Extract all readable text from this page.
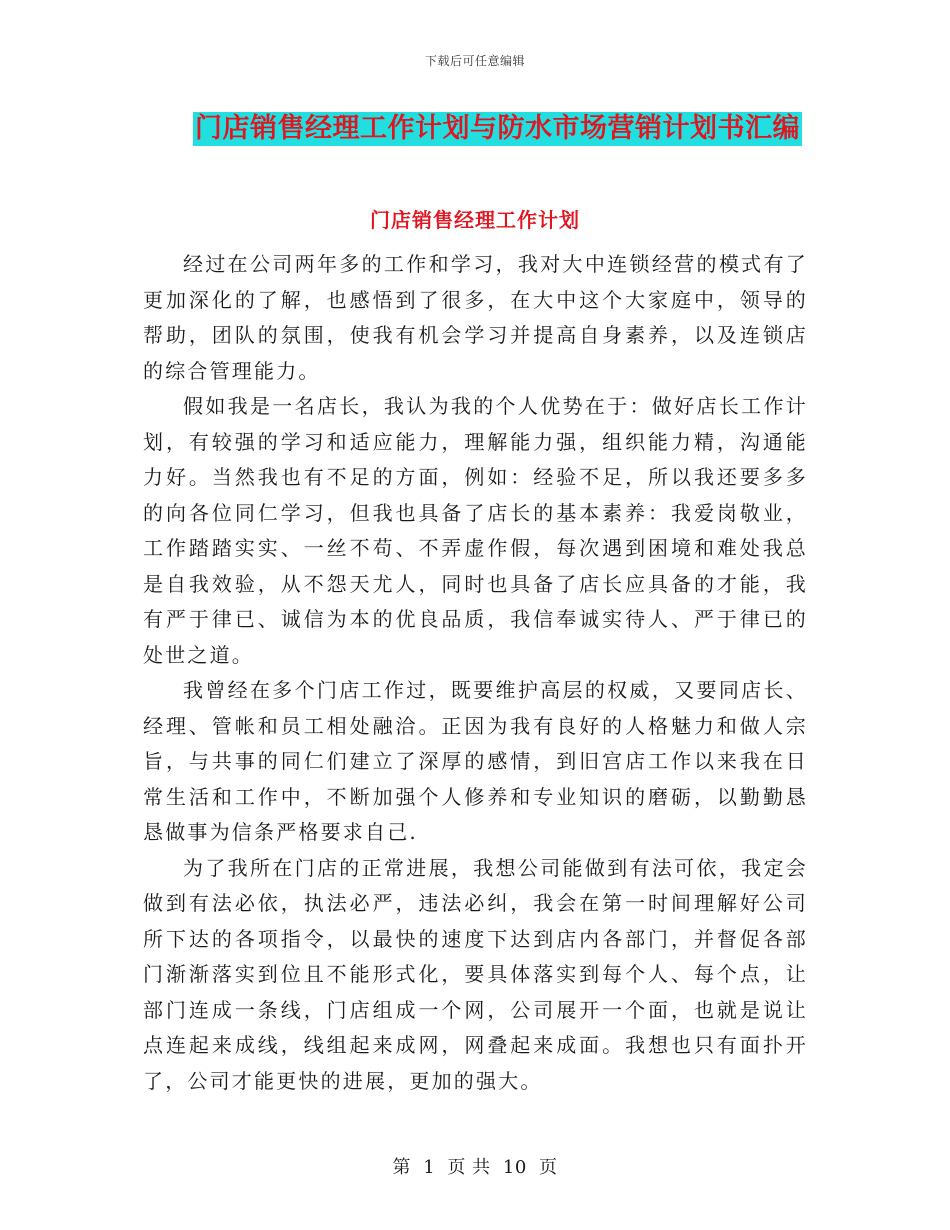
下载后可任意编辑
门店销售经理工作计划与防水市场营销计划书汇编
门店销售经理工作计划

经过在公司两年多的工作和学习，我对大中连锁经营的模式有了更加深化的了解，也感悟到了很多，在大中这个大家庭中，领导的帮助，团队的氛围，使我有机会学习并提高自身素养，以及连锁店的综合管理能力。

假如我是一名店长，我认为我的个人优势在于：做好店长工作计划，有较强的学习和适应能力，理解能力强，组织能力精，沟通能力好。当然我也有不足的方面，例如：经验不足，所以我还要多多的向各位同仁学习，但我也具备了店长的基本素养：我爱岗敬业，工作踏踏实实、一丝不苟、不弄虚作假，每次遇到困境和难处我总是自我效验，从不怨天尤人，同时也具备了店长应具备的才能，我有严于律已、诚信为本的优良品质，我信奉诚实待人、严于律已的处世之道。

我曾经在多个门店工作过，既要维护高层的权威，又要同店长、经理、管帐和员工相处融洽。正因为我有良好的人格魅力和做人宗旨，与共事的同仁们建立了深厚的感情，到旧宫店工作以来我在日常生活和工作中，不断加强个人修养和专业知识的磨砺，以勤勤恳恳做事为信条严格要求自己.

为了我所在门店的正常进展，我想公司能做到有法可依，我定会做到有法必依，执法必严，违法必纠，我会在第一时间理解好公司所下达的各项指令，以最快的速度下达到店内各部门，并督促各部门渐渐落实到位且不能形式化，要具体落实到每个人、每个点，让部门连成一条线，门店组成一个网，公司展开一个面，也就是说让点连起来成线，线组起来成网，网叠起来成面。我想也只有面扑开了，公司才能更快的进展，更加的强大。

第 1 页 共 10 页
